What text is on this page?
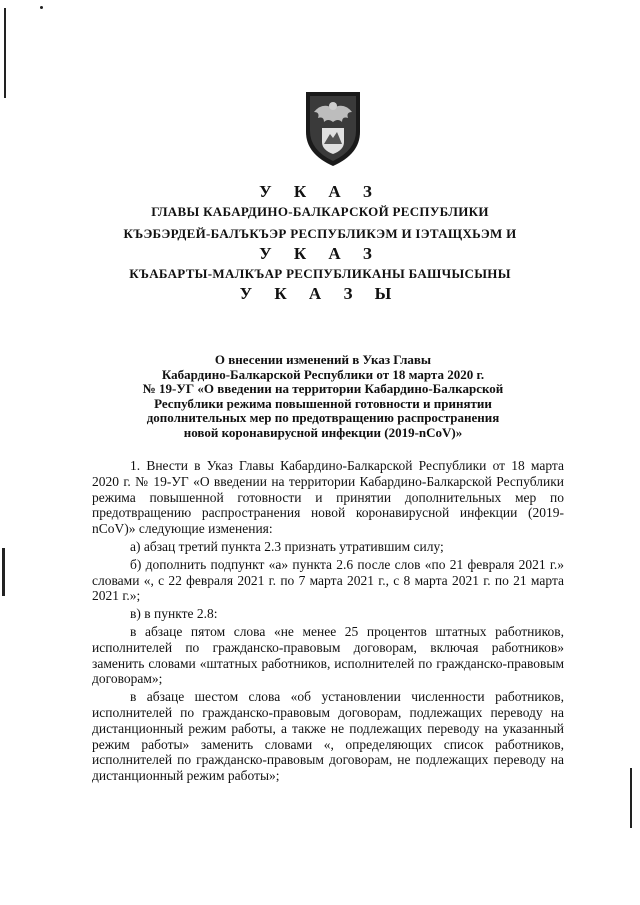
У К А З
ГЛАВЫ КАБАРДИНО-БАЛКАРСКОЙ РЕСПУБЛИКИ
КЪЭБЭРДЕЙ-БАЛЪКЪЭР РЕСПУБЛИКЭМ И ІЭТАЩХЬЭМ И
У К А З
КЪАБАРТЫ-МАЛКЪАР РЕСПУБЛИКАНЫ БАШЧЫСЫНЫ
У К А З Ы
О внесении изменений в Указ Главы
Кабардино-Балкарской Республики от 18 марта 2020 г.
№ 19-УГ «О введении на территории Кабардино-Балкарской
Республики режима повышенной готовности и принятии
дополнительных мер по предотвращению распространения
новой коронавирусной инфекции (2019-nCoV)»

1. Внести в Указ Главы Кабардино-Балкарской Республики от 18 марта 2020 г. № 19-УГ «О введении на территории Кабардино-Балкарской Республики режима повышенной готовности и принятии дополнительных мер по предотвращению распространения новой коронавирусной инфекции (2019-nCoV)» следующие изменения:

а) абзац третий пункта 2.3 признать утратившим силу;

б) дополнить подпункт «а» пункта 2.6 после слов «по 21 февраля 2021 г.» словами «, с 22 февраля 2021 г. по 7 марта 2021 г., с 8 марта 2021 г. по 21 марта 2021 г.»;

в) в пункте 2.8:

в абзаце пятом слова «не менее 25 процентов штатных работников, исполнителей по гражданско-правовым договорам, включая работников» заменить словами «штатных работников, исполнителей по гражданско-правовым договорам»;

в абзаце шестом слова «об установлении численности работников, исполнителей по гражданско-правовым договорам, подлежащих переводу на дистанционный режим работы, а также не подлежащих переводу на указанный режим работы» заменить словами «, определяющих список работников, исполнителей по гражданско-правовым договорам, не подлежащих переводу на дистанционный режим работы»;
